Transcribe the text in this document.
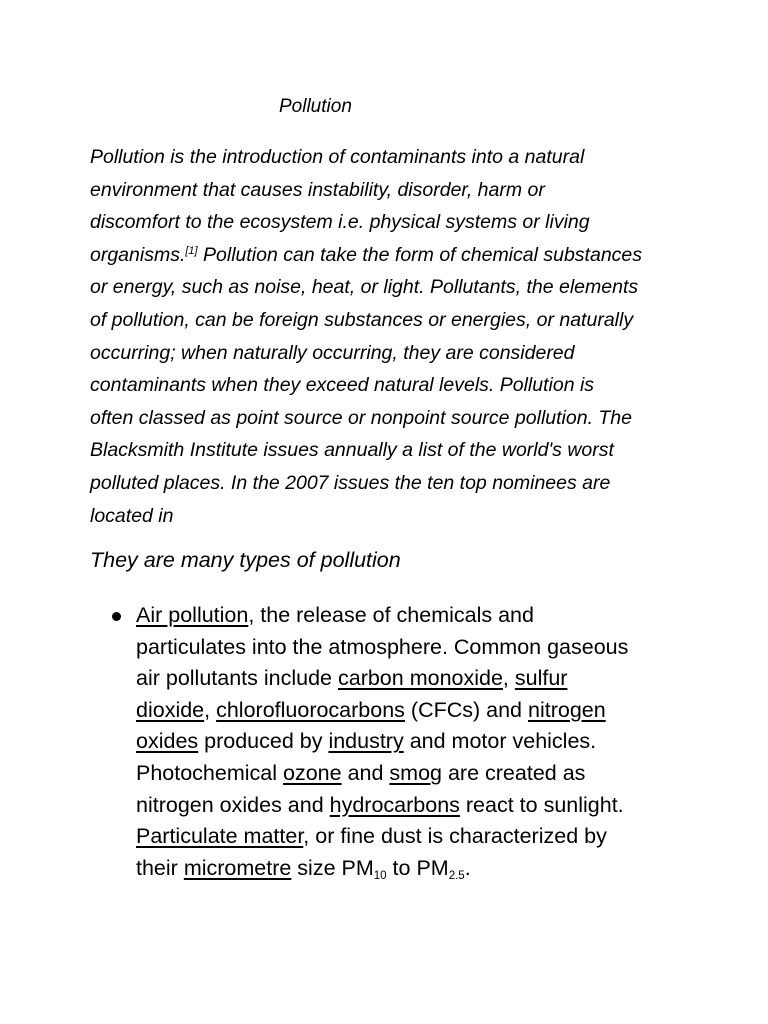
Pollution

Pollution is the introduction of contaminants into a natural
environment that causes instability, disorder, harm or
discomfort to the ecosystem i.e. physical systems or living
organisms.[1] Pollution can take the form of chemical substances
or energy, such as noise, heat, or light. Pollutants, the elements
of pollution, can be foreign substances or energies, or naturally
occurring; when naturally occurring, they are considered
contaminants when they exceed natural levels. Pollution is
often classed as point source or nonpoint source pollution. The
Blacksmith Institute issues annually a list of the world's worst
polluted places. In the 2007 issues the ten top nominees are
located in

They are many types of pollution
Air pollution, the release of chemicals and
particulates into the atmosphere. Common gaseous
air pollutants include carbon monoxide, sulfur
dioxide, chlorofluorocarbons (CFCs) and nitrogen
oxides produced by industry and motor vehicles.
Photochemical ozone and smog are created as
nitrogen oxides and hydrocarbons react to sunlight.
Particulate matter, or fine dust is characterized by
their micrometre size $PM_{10}$ to $PM_{2.5}$.
